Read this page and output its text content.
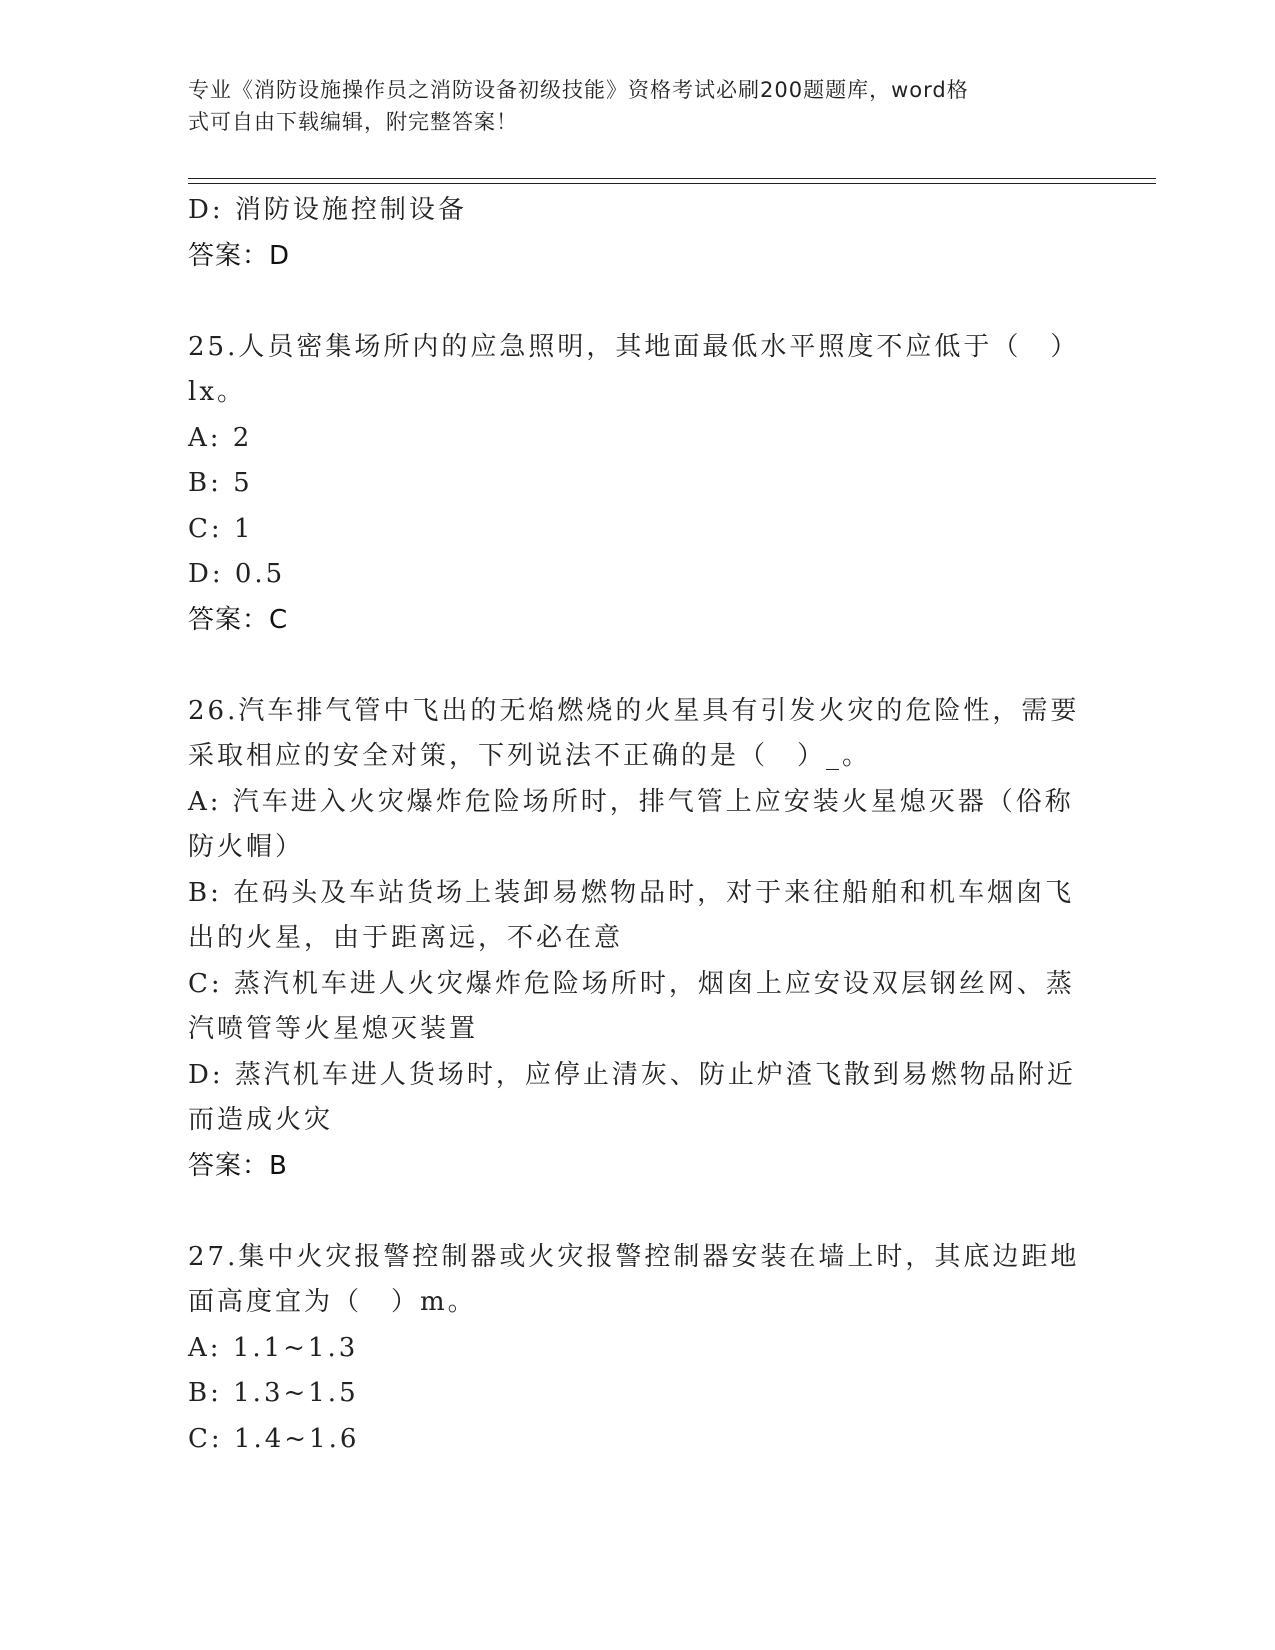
专业《消防设施操作员之消防设备初级技能》资格考试必刷200题题库，word格
式可自由下载编辑，附完整答案！
D: 消防设施控制设备
答案：D
25.人员密集场所内的应急照明，其地面最低水平照度不应低于（　）
lx。
A: 2
B: 5
C: 1
D: 0.5
答案：C
26.汽车排气管中飞出的无焰燃烧的火星具有引发火灾的危险性，需要
采取相应的安全对策，下列说法不正确的是（　）_。
A: 汽车进入火灾爆炸危险场所时，排气管上应安装火星熄灭器（俗称
防火帽）
B: 在码头及车站货场上装卸易燃物品时，对于来往船舶和机车烟囱飞
出的火星，由于距离远，不必在意
C: 蒸汽机车进人火灾爆炸危险场所时，烟囱上应安设双层钢丝网、蒸
汽喷管等火星熄灭装置
D: 蒸汽机车进人货场时，应停止清灰、防止炉渣飞散到易燃物品附近
而造成火灾
答案：B
27.集中火灾报警控制器或火灾报警控制器安装在墙上时，其底边距地
面高度宜为（　）m。
A: 1.1~1.3
B: 1.3~1.5
C: 1.4~1.6
